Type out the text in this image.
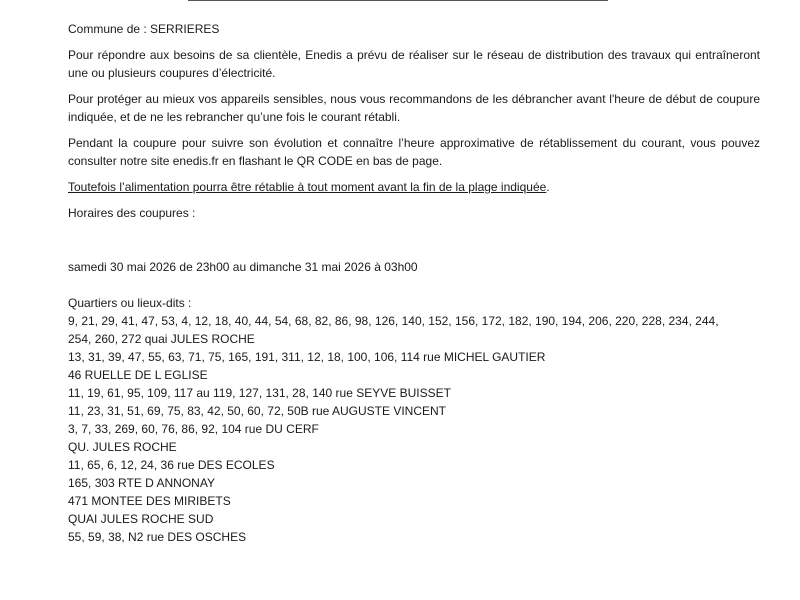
Commune de : SERRIERES

Pour répondre aux besoins de sa clientèle, Enedis a prévu de réaliser sur le réseau de distribution des travaux qui entraîneront une ou plusieurs coupures d’électricité.

Pour protéger au mieux vos appareils sensibles, nous vous recommandons de les débrancher avant l'heure de début de coupure indiquée, et de ne les rebrancher qu’une fois le courant rétabli.

Pendant la coupure pour suivre son évolution et connaître l’heure approximative de rétablissement du courant, vous pouvez consulter notre site enedis.fr en flashant le QR CODE en bas de page.

Toutefois l’alimentation pourra être rétablie à tout moment avant la fin de la plage indiquée.
Horaires des coupures :
samedi 30 mai 2026 de 23h00 au dimanche 31 mai 2026 à 03h00
Quartiers ou lieux-dits :
9, 21, 29, 41, 47, 53, 4, 12, 18, 40, 44, 54, 68, 82, 86, 98, 126, 140, 152, 156, 172, 182, 190, 194, 206, 220, 228, 234, 244,
254, 260, 272 quai JULES ROCHE
13, 31, 39, 47, 55, 63, 71, 75, 165, 191, 311, 12, 18, 100, 106, 114 rue MICHEL GAUTIER
46 RUELLE DE L EGLISE
11, 19, 61, 95, 109, 117 au 119, 127, 131, 28, 140 rue SEYVE BUISSET
11, 23, 31, 51, 69, 75, 83, 42, 50, 60, 72, 50B rue AUGUSTE VINCENT
3, 7, 33, 269, 60, 76, 86, 92, 104 rue DU CERF
QU. JULES ROCHE
11, 65, 6, 12, 24, 36 rue DES ECOLES
165, 303 RTE D ANNONAY
471 MONTEE DES MIRIBETS
QUAI JULES ROCHE SUD
55, 59, 38, N2 rue DES OSCHES
